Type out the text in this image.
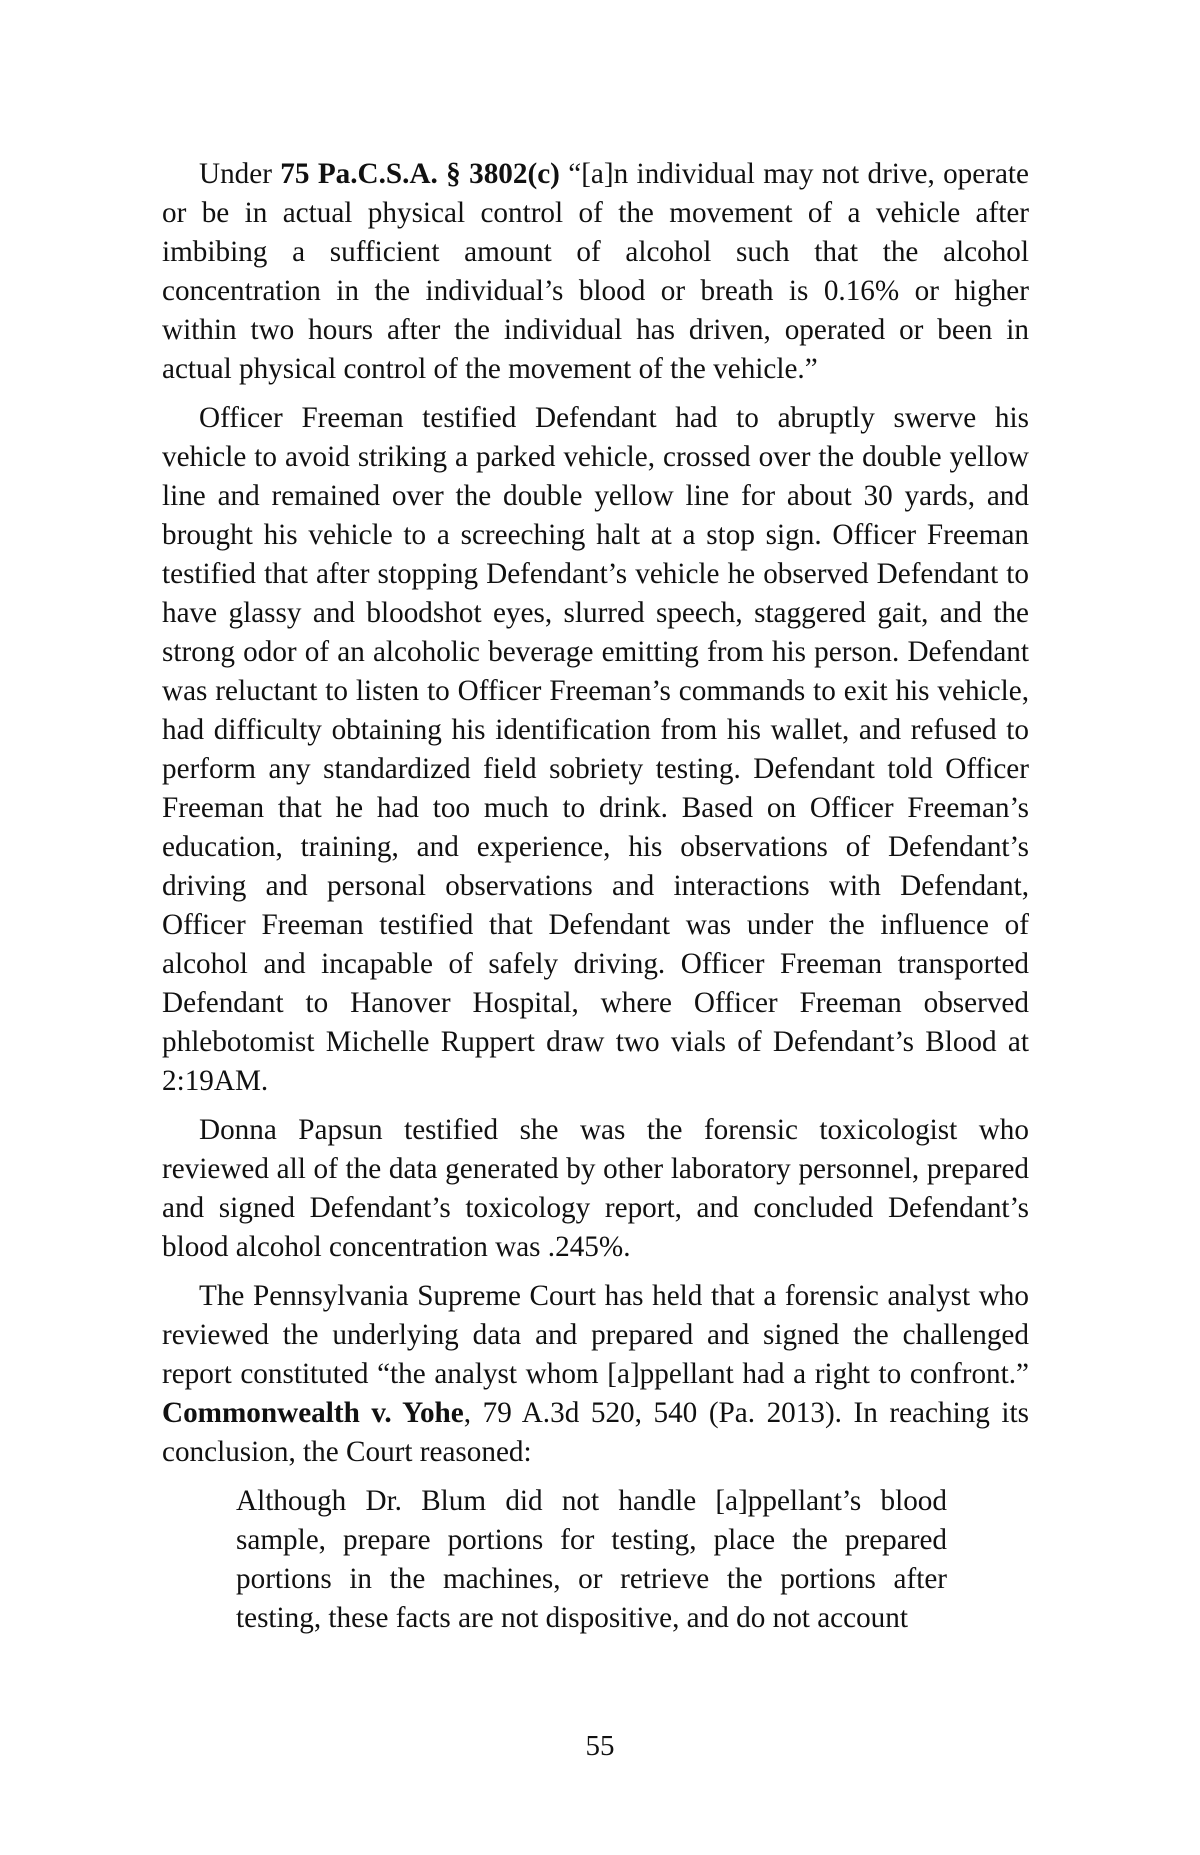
Under 75 Pa.C.S.A. § 3802(c) “[a]n individual may not drive, operate or be in actual physical control of the movement of a vehicle after imbibing a sufficient amount of alcohol such that the alcohol concentration in the individual’s blood or breath is 0.16% or higher within two hours after the individual has driven, operated or been in actual physical control of the movement of the vehicle.”

Officer Freeman testified Defendant had to abruptly swerve his vehicle to avoid striking a parked vehicle, crossed over the double yellow line and remained over the double yellow line for about 30 yards, and brought his vehicle to a screeching halt at a stop sign. Officer Freeman testified that after stopping Defendant’s vehicle he observed Defendant to have glassy and bloodshot eyes, slurred speech, staggered gait, and the strong odor of an alcoholic beverage emitting from his person. Defendant was reluctant to listen to Officer Freeman’s commands to exit his vehicle, had difficulty obtaining his identification from his wallet, and refused to perform any standardized field sobriety testing. Defendant told Officer Freeman that he had too much to drink. Based on Officer Freeman’s education, training, and experience, his observations of Defendant’s driving and personal observations and interactions with Defendant, Officer Freeman testified that Defendant was under the influence of alcohol and incapable of safely driving. Officer Freeman transported Defendant to Hanover Hospital, where Officer Freeman observed phlebotomist Michelle Ruppert draw two vials of Defendant’s Blood at 2:19AM.

Donna Papsun testified she was the forensic toxicologist who reviewed all of the data generated by other laboratory personnel, prepared and signed Defendant’s toxicology report, and concluded Defendant’s blood alcohol concentration was .245%.

The Pennsylvania Supreme Court has held that a forensic analyst who reviewed the underlying data and prepared and signed the challenged report constituted “the analyst whom [a]ppellant had a right to confront.” Commonwealth v. Yohe, 79 A.3d 520, 540 (Pa. 2013). In reaching its conclusion, the Court reasoned:

Although Dr. Blum did not handle [a]ppellant’s blood sample, prepare portions for testing, place the prepared portions in the machines, or retrieve the portions after testing, these facts are not dispositive, and do not account

55
